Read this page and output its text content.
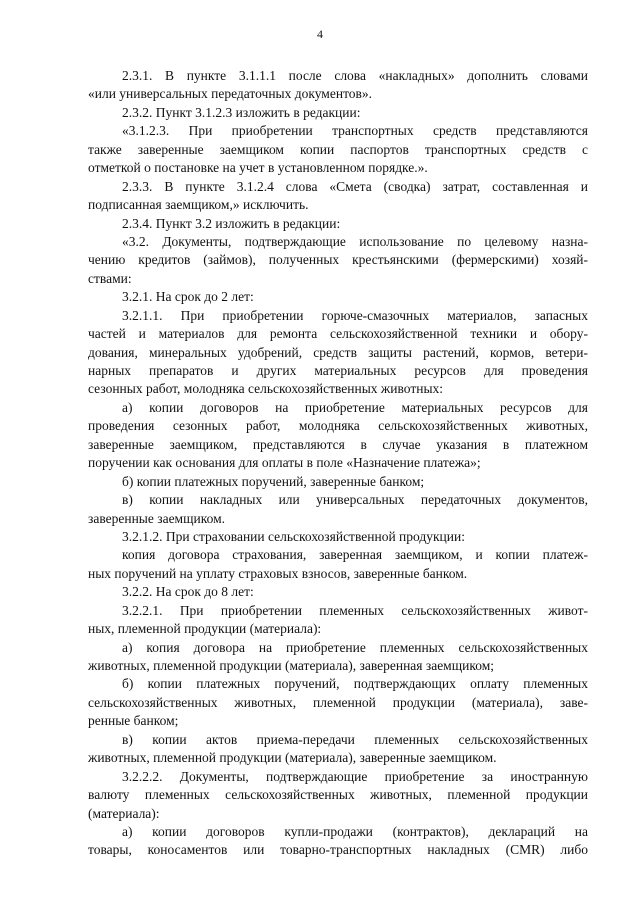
4
2.3.1. В пункте 3.1.1.1 после слова «накладных» дополнить словами
«или универсальных передаточных документов».
2.3.2. Пункт 3.1.2.3 изложить в редакции:
«3.1.2.3. При приобретении транспортных средств представляются
также заверенные заемщиком копии паспортов транспортных средств с
отметкой о постановке на учет в установленном порядке.».
2.3.3. В пункте 3.1.2.4 слова «Смета (сводка) затрат, составленная и
подписанная заемщиком,» исключить.
2.3.4. Пункт 3.2 изложить в редакции:
«3.2. Документы, подтверждающие использование по целевому назна-
чению кредитов (займов), полученных крестьянскими (фермерскими) хозяй-
ствами:
3.2.1. На срок до 2 лет:
3.2.1.1. При приобретении горюче-смазочных материалов, запасных
частей и материалов для ремонта сельскохозяйственной техники и обору-
дования, минеральных удобрений, средств защиты растений, кормов, ветери-
нарных препаратов и других материальных ресурсов для проведения
сезонных работ, молодняка сельскохозяйственных животных:
а) копии договоров на приобретение материальных ресурсов для
проведения сезонных работ, молодняка сельскохозяйственных животных,
заверенные заемщиком, представляются в случае указания в платежном
поручении как основания для оплаты в поле «Назначение платежа»;
б) копии платежных поручений, заверенные банком;
в) копии накладных или универсальных передаточных документов,
заверенные заемщиком.
3.2.1.2. При страховании сельскохозяйственной продукции:
копия договора страхования, заверенная заемщиком, и копии платеж-
ных поручений на уплату страховых взносов, заверенные банком.
3.2.2. На срок до 8 лет:
3.2.2.1. При приобретении племенных сельскохозяйственных живот-
ных, племенной продукции (материала):
а) копия договора на приобретение племенных сельскохозяйственных
животных, племенной продукции (материала), заверенная заемщиком;
б) копии платежных поручений, подтверждающих оплату племенных
сельскохозяйственных животных, племенной продукции (материала), заве-
ренные банком;
в) копии актов приема-передачи племенных сельскохозяйственных
животных, племенной продукции (материала), заверенные заемщиком.
3.2.2.2. Документы, подтверждающие приобретение за иностранную
валюту племенных сельскохозяйственных животных, племенной продукции
(материала):
а) копии договоров купли-продажи (контрактов), деклараций на
товары, коносаментов или товарно-транспортных накладных (CMR) либо
